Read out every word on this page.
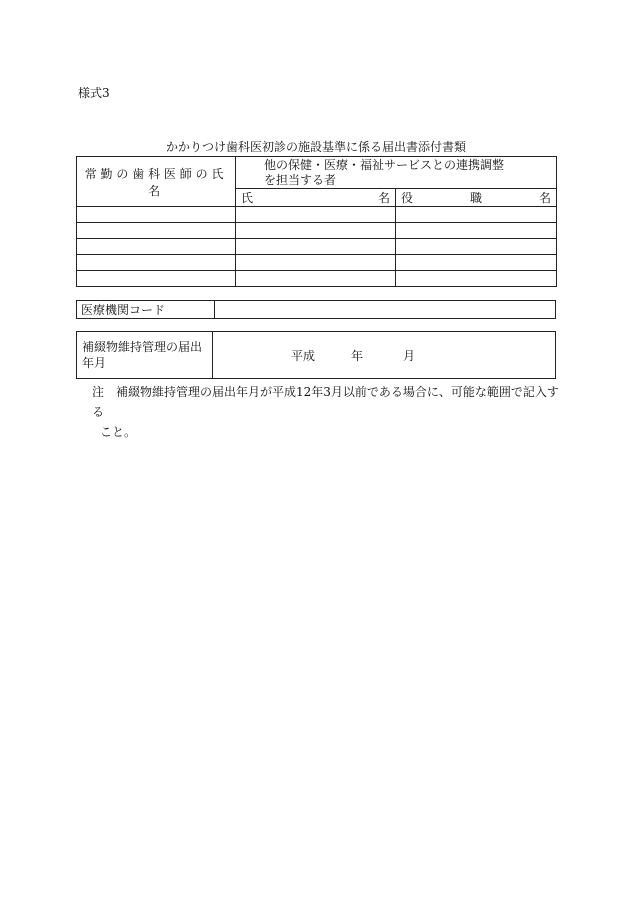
様式3
かかりつけ歯科医初診の施設基準に係る届出書添付書類
常勤の歯科医師の氏名	他の保健・医療・福祉サービスとの連携調整
を担当する者	

	氏 名	役 職 名

医療機関コード	
補綴物維持管理の届出
年月
	平成	年	月
注　補綴物維持管理の届出年月が平成12年3月以前である場合に、可能な範囲で記入する
こと。
